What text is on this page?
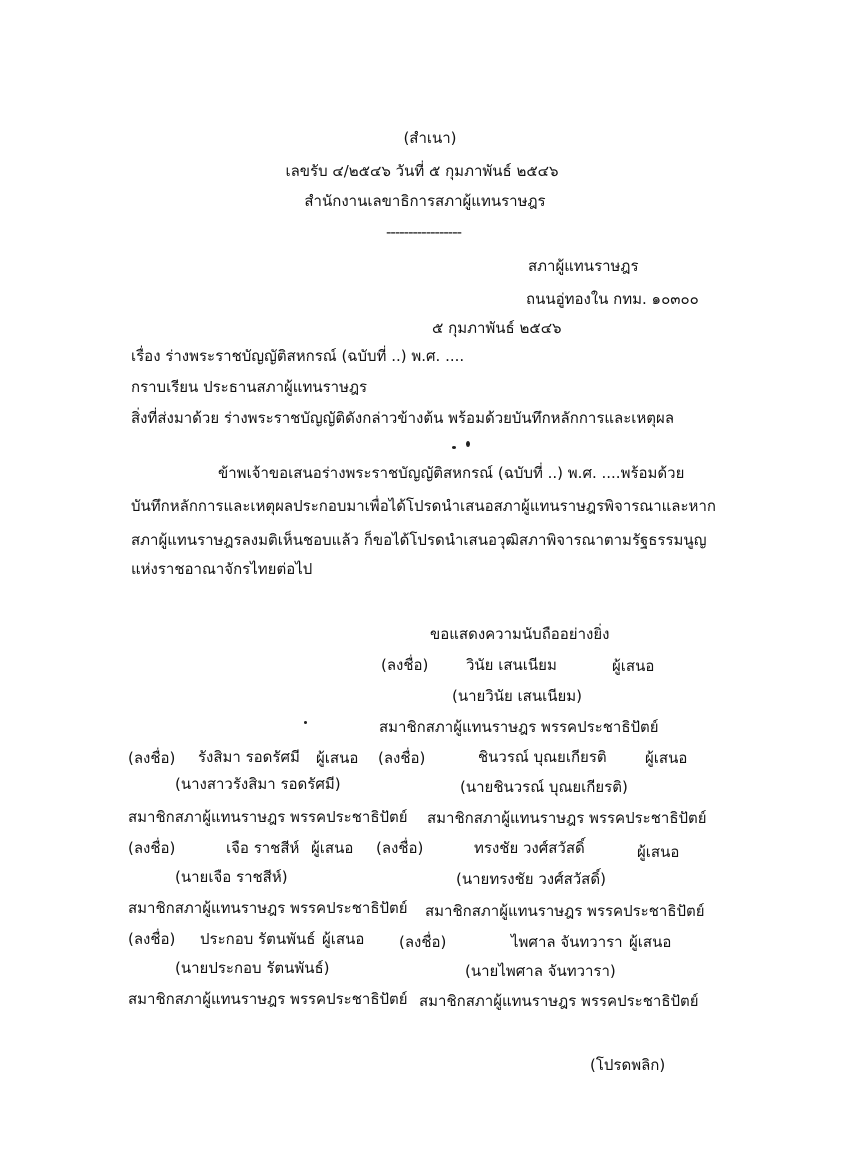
(สำเนา)
เลขรับ ๔/๒๕๔๖ วันที่ ๕ กุมภาพันธ์ ๒๕๔๖
สำนักงานเลขาธิการสภาผู้แทนราษฎร
-----------------
สภาผู้แทนราษฎร
ถนนอู่ทองใน กทม. ๑๐๓๐๐
๕ กุมภาพันธ์ ๒๕๔๖
เรื่อง ร่างพระราชบัญญัติสหกรณ์ (ฉบับที่ ..) พ.ศ. ....
กราบเรียน ประธานสภาผู้แทนราษฎร
สิ่งที่ส่งมาด้วย ร่างพระราชบัญญัติดังกล่าวข้างต้น พร้อมด้วยบันทึกหลักการและเหตุผล
ข้าพเจ้าขอเสนอร่างพระราชบัญญัติสหกรณ์ (ฉบับที่ ..) พ.ศ. ....พร้อมด้วย
บันทึกหลักการและเหตุผลประกอบมาเพื่อได้โปรดนำเสนอสภาผู้แทนราษฎรพิจารณาและหาก
สภาผู้แทนราษฎรลงมติเห็นชอบแล้ว ก็ขอได้โปรดนำเสนอวุฒิสภาพิจารณาตามรัฐธรรมนูญ
แห่งราชอาณาจักรไทยต่อไป
ขอแสดงความนับถืออย่างยิ่ง
(ลงชื่อ)	วินัย เสนเนียม	ผู้เสนอ
(นายวินัย เสนเนียม)
สมาชิกสภาผู้แทนราษฎร พรรคประชาธิปัตย์
(ลงชื่อ) รังสิมา รอดรัศมี ผู้เสนอ (ลงชื่อ)	ชินวรณ์ บุณยเกียรติ	ผู้เสนอ
(นางสาวรังสิมา รอดรัศมี)	(นายชินวรณ์ บุณยเกียรติ)
สมาชิกสภาผู้แทนราษฎร พรรคประชาธิปัตย์ สมาชิกสภาผู้แทนราษฎร พรรคประชาธิปัตย์
(ลงชื่อ)	เจือ ราชสีห์ ผู้เสนอ (ลงชื่อ)	ทรงชัย วงศ์สวัสดิ์	ผู้เสนอ
(นายเจือ ราชสีห์)	(นายทรงชัย วงศ์สวัสดิ์)
สมาชิกสภาผู้แทนราษฎร พรรคประชาธิปัตย์ สมาชิกสภาผู้แทนราษฎร พรรคประชาธิปัตย์
(ลงชื่อ) ประกอบ รัตนพันธ์ ผู้เสนอ (ลงชื่อ)	ไพศาล จันทวารา ผู้เสนอ
(นายประกอบ รัตนพันธ์)	(นายไพศาล จันทวารา)
สมาชิกสภาผู้แทนราษฎร พรรคประชาธิปัตย์ สมาชิกสภาผู้แทนราษฎร พรรคประชาธิปัตย์
(โปรดพลิก)
